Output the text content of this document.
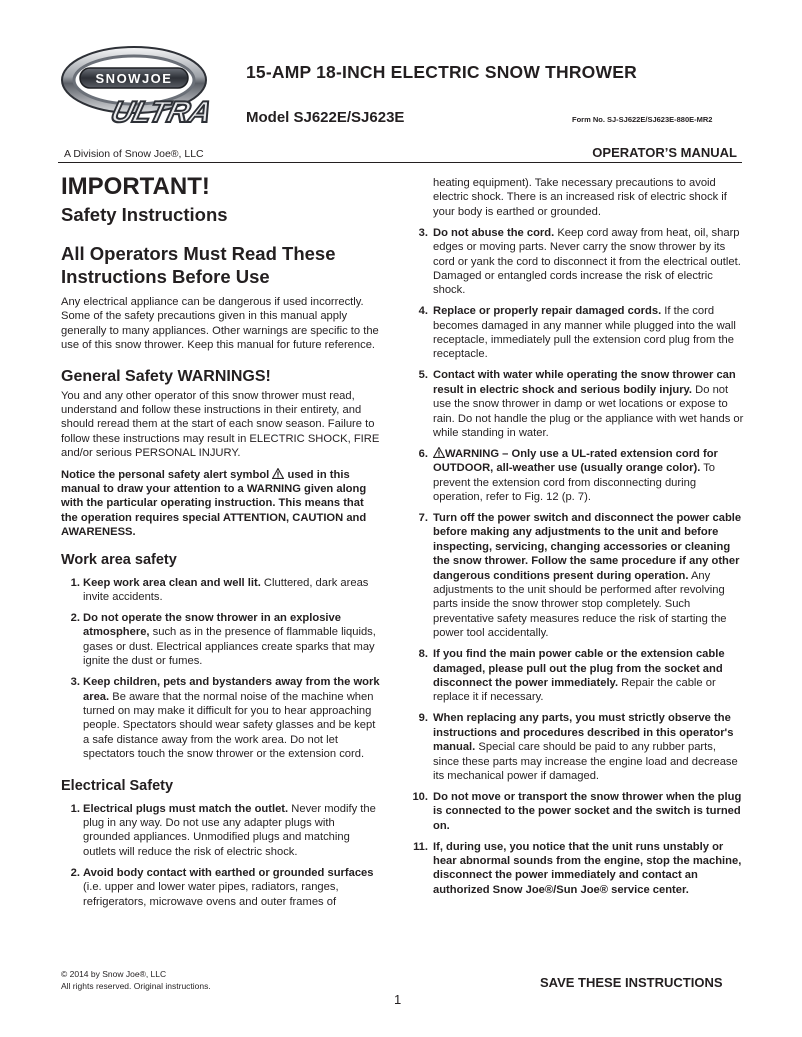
SNOWJOE
ULTRA
15-AMP 18-INCH ELECTRIC SNOW THROWER
Model SJ622E/SJ623E	Form No. SJ-SJ622E/SJ623E-880E-MR2
A Division of Snow Joe®, LLC	OPERATOR’S MANUAL
IMPORTANT!
Safety Instructions
All Operators Must Read These Instructions Before Use

Any electrical appliance can be dangerous if used incorrectly. Some of the safety precautions given in this manual apply generally to many appliances. Other warnings are specific to the use of this snow thrower. Keep this manual for future reference.

General Safety WARNINGS!

You and any other operator of this snow thrower must read, understand and follow these instructions in their entirety, and should reread them at the start of each snow season. Failure to follow these instructions may result in ELECTRIC SHOCK, FIRE and/or serious PERSONAL INJURY.

Notice the personal safety alert symbol used in this manual to draw your attention to a WARNING given along with the particular operating instruction. This means that the operation requires special ATTENTION, CAUTION and AWARENESS.

Work area safety
1. Keep work area clean and well lit. Cluttered, dark areas invite accidents.
2. Do not operate the snow thrower in an explosive atmosphere, such as in the presence of flammable liquids, gases or dust. Electrical appliances create sparks that may ignite the dust or fumes.
3. Keep children, pets and bystanders away from the work area. Be aware that the normal noise of the machine when turned on may make it difficult for you to hear approaching people. Spectators should wear safety glasses and be kept a safe distance away from the work area. Do not let spectators touch the snow thrower or the extension cord.
Electrical Safety
1. Electrical plugs must match the outlet. Never modify the plug in any way. Do not use any adapter plugs with grounded appliances. Unmodified plugs and matching outlets will reduce the risk of electric shock.
2. Avoid body contact with earthed or grounded surfaces (i.e. upper and lower water pipes, radiators, ranges, refrigerators, microwave ovens and outer frames of

heating equipment). Take necessary precautions to avoid electric shock. There is an increased risk of electric shock if your body is earthed or grounded.

3. Do not abuse the cord. Keep cord away from heat, oil, sharp edges or moving parts. Never carry the snow thrower by its cord or yank the cord to disconnect it from the electrical outlet. Damaged or entangled cords increase the risk of electric shock.
4. Replace or properly repair damaged cords. If the cord becomes damaged in any manner while plugged into the wall receptacle, immediately pull the extension cord plug from the receptacle.
5. Contact with water while operating the snow thrower can result in electric shock and serious bodily injury. Do not use the snow thrower in damp or wet locations or expose to rain. Do not handle the plug or the appliance with wet hands or while standing in water.
6. WARNING – Only use a UL-rated extension cord for OUTDOOR, all-weather use (usually orange color). To prevent the extension cord from disconnecting during operation, refer to Fig. 12 (p. 7).
7. Turn off the power switch and disconnect the power cable before making any adjustments to the unit and before inspecting, servicing, changing accessories or cleaning the snow thrower. Follow the same procedure if any other dangerous conditions present during operation. Any adjustments to the unit should be performed after revolving parts inside the snow thrower stop completely. Such preventative safety measures reduce the risk of starting the power tool accidentally.
8. If you find the main power cable or the extension cable damaged, please pull out the plug from the socket and disconnect the power immediately. Repair the cable or replace it if necessary.
9. When replacing any parts, you must strictly observe the instructions and procedures described in this operator's manual. Special care should be paid to any rubber parts, since these parts may increase the engine load and decrease its mechanical power if damaged.
10. Do not move or transport the snow thrower when the plug is connected to the power socket and the switch is turned on.
11. If, during use, you notice that the unit runs unstably or hear abnormal sounds from the engine, stop the machine, disconnect the power immediately and contact an authorized Snow Joe®/Sun Joe® service center.
© 2014 by Snow Joe®, LLC
All rights reserved. Original instructions.	SAVE THESE INSTRUCTIONS
1
